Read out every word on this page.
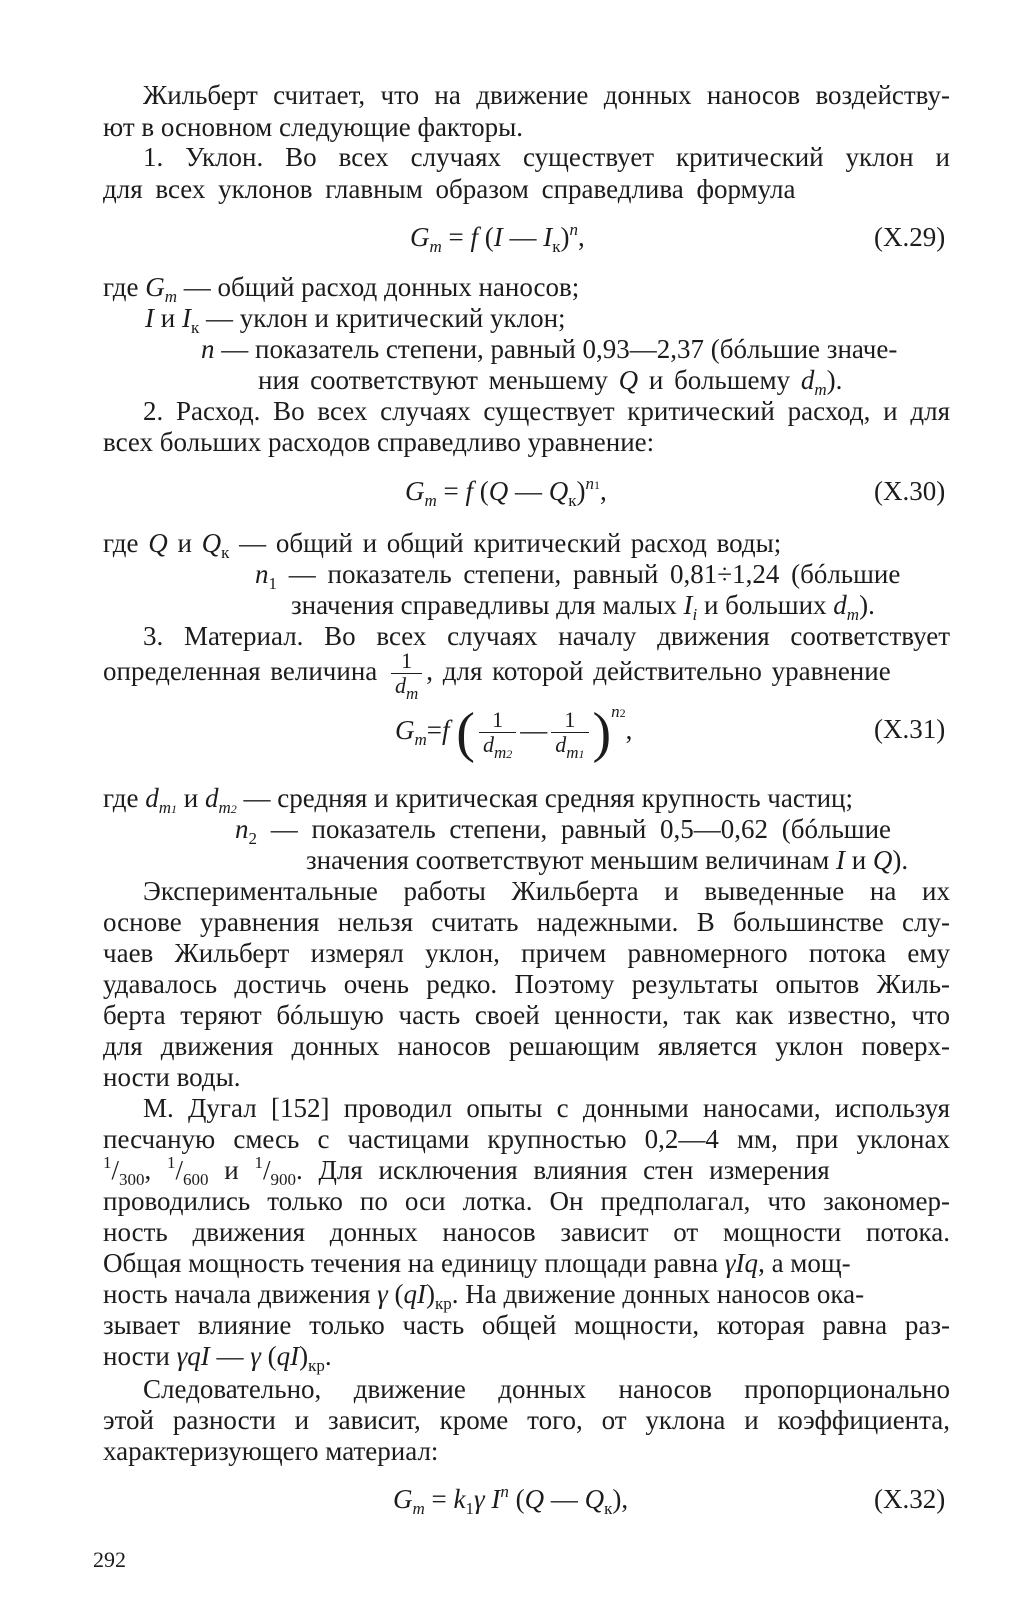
Жильберт считает, что на движение донных наносов воздейству-
ют в основном следующие факторы.
1. Уклон. Во всех случаях существует критический уклон и
для всех уклонов главным образом справедлива формула
$G_m = f$ (I — $I_к)^n$,	(X.29)
где $G_m$ — общий расход донных наносов;
I и $I_к$ — уклон и критический уклон;
n — показатель степени, равный 0,93—2,37 (бóльшие значе-
ния соответствуют меньшему Q и большему $d_m$).
2. Расход. Во всех случаях существует критический расход, и для
всех больших расходов справедливо уравнение:
$G_m = f$ (Q — $Q_к)^{n1}$,	(X.30)
где Q и $Q_к$ — общий и общий критический расход воды;
$n_1$ — показатель степени, равный 0,81÷1,24 (бóльшие
значения справедливы для малых $I_i$ и больших $d_m$).
3. Материал. Во всех случаях началу движения соответствует
определенная величина $\frac{1}{d_m}$ , для которой действительно уравнение
$G_m=f$ ( $\frac{1}{d_{m2}}$ — $\frac{1}{d_{m1}} )^{n2}$,	(X.31)
где $d_{m1}$ и $d_{m2}$ — средняя и критическая средняя крупность частиц;
$n_2$ — показатель степени, равный 0,5—0,62 (бóльшие
значения соответствуют меньшим величинам I и Q).
Экспериментальные работы Жильберта и выведенные на их
основе уравнения нельзя считать надежными. В большинстве слу-
чаев Жильберт измерял уклон, причем равномерного потока ему
удавалось достичь очень редко. Поэтому результаты опытов Жиль-
берта теряют бóльшую часть своей ценности, так как известно, что
для движения донных наносов решающим является уклон поверх-
ности воды.
М. Дугал [152] проводил опыты с донными наносами, используя
песчаную смесь с частицами крупностью 0,2—4 мм, при уклонах
$^1/_{300}$, $^1/_{600}$ и $^1/_{900}$. Для исключения влияния стен измерения
проводились только по оси лотка. Он предполагал, что закономер-
ность движения донных наносов зависит от мощности потока.
Общая мощность течения на единицу площади равна γIq, а мощ-
ность начала движения γ $(qI)_{кр}$. На движение донных наносов ока-
зывает влияние только часть общей мощности, которая равна раз-
ности γqI — γ $(qI)_{кр}$.
Следовательно, движение донных наносов пропорционально
этой разности и зависит, кроме того, от уклона и коэффициента,
характеризующего материал:
$G_m = k_1\gamma$ $I^n$ (Q — $Q_к$),	(X.32)
292
